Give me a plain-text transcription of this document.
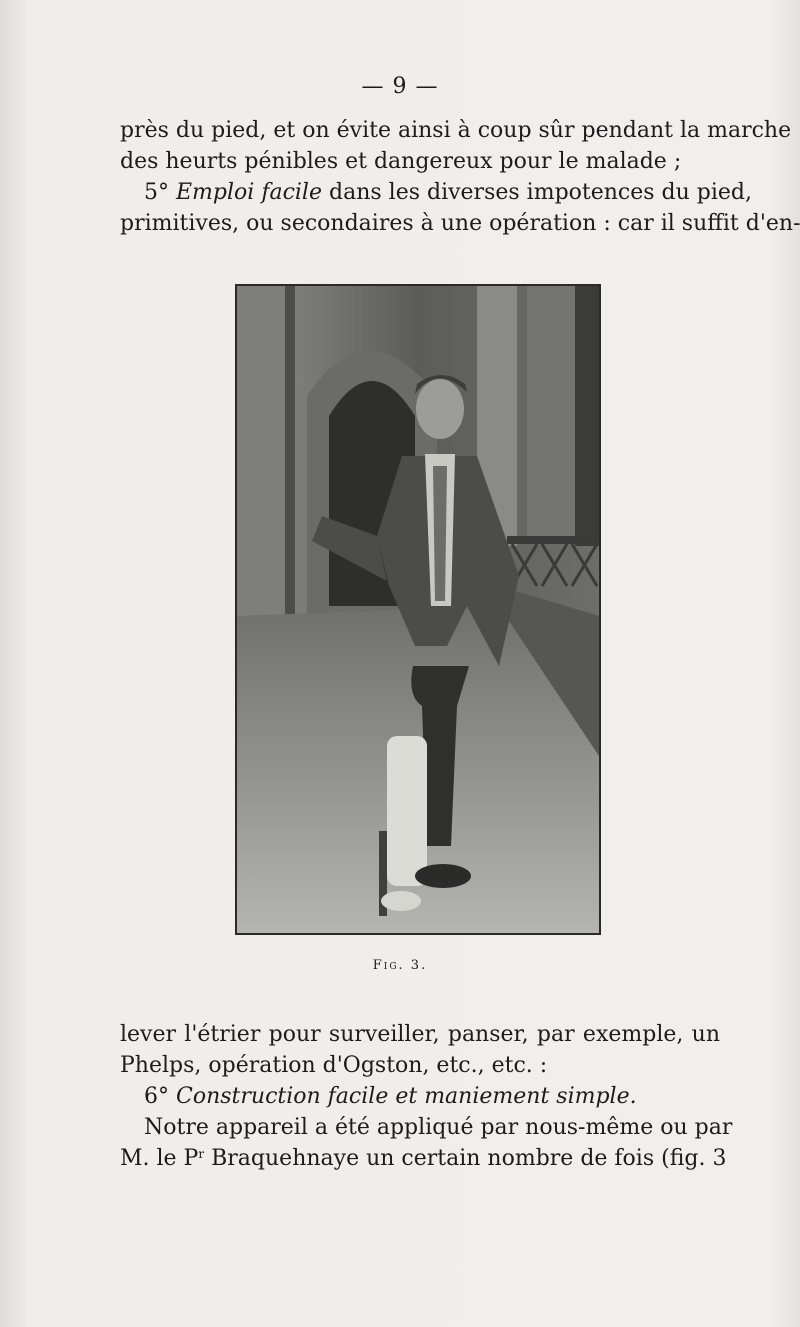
— 9 —
près du pied, et on évite ainsi à coup sûr pendant la marche
des heurts pénibles et dangereux pour le malade ;
5° Emploi facile dans les diverses impotences du pied,
primitives, ou secondaires à une opération : car il suffit d'en-
Fig. 3.
lever l'étrier pour surveiller, panser, par exemple, un
Phelps, opération d'Ogston, etc., etc. :
6° Construction facile et maniement simple.
Notre appareil a été appliqué par nous-même ou par
M. le $P^r$ Braquehnaye un certain nombre de fois (fig. 3
